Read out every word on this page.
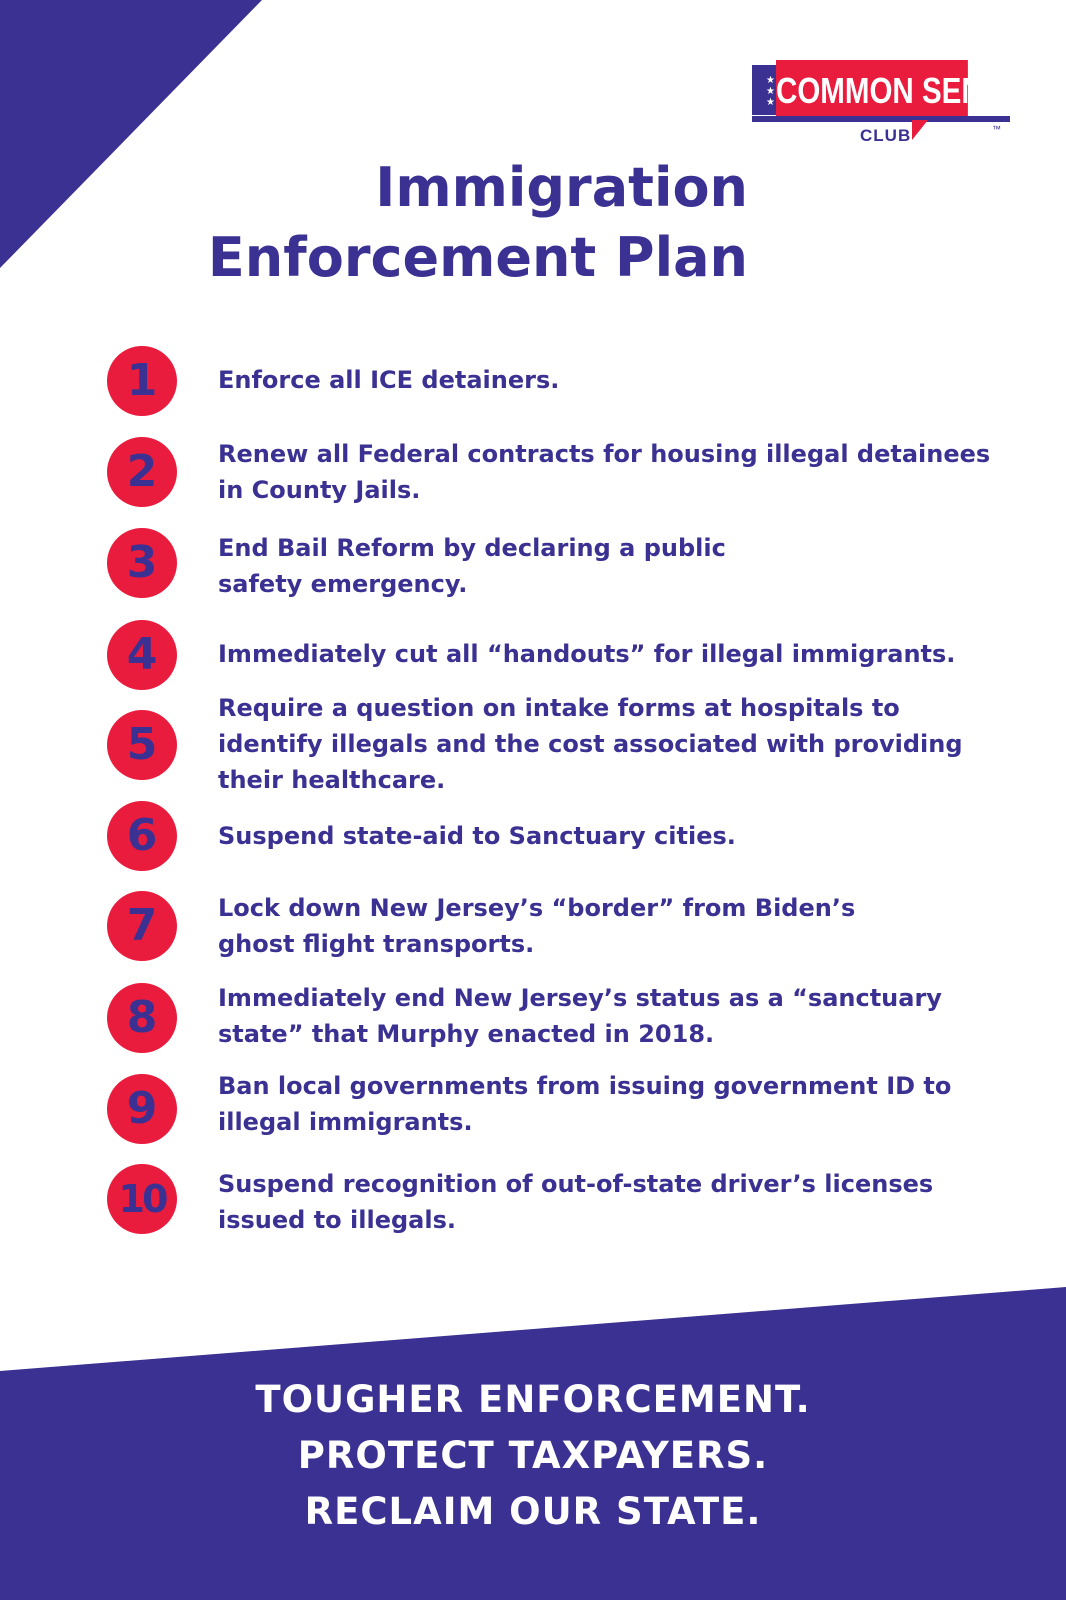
★★★ COMMON SENSE
CLUB	™
Immigration
Enforcement Plan
1	Enforce all ICE detainers.
2	Renew all Federal contracts for housing illegal detainees in County Jails.
3	End Bail Reform by declaring a public safety emergency.
4	Immediately cut all “handouts” for illegal immigrants.
5
Require a question on intake forms at hospitals to identify illegals and the cost associated with providing their healthcare.
6	Suspend state-aid to Sanctuary cities.
7	Lock down New Jersey’s “border” from Biden’s ghost flight transports.
8	Immediately end New Jersey’s status as a “sanctuary state” that Murphy enacted in 2018.
9	Ban local governments from issuing government ID to illegal immigrants.
10	Suspend recognition of out-of-state driver’s licenses issued to illegals.
TOUGHER ENFORCEMENT.
PROTECT TAXPAYERS.
RECLAIM OUR STATE.
